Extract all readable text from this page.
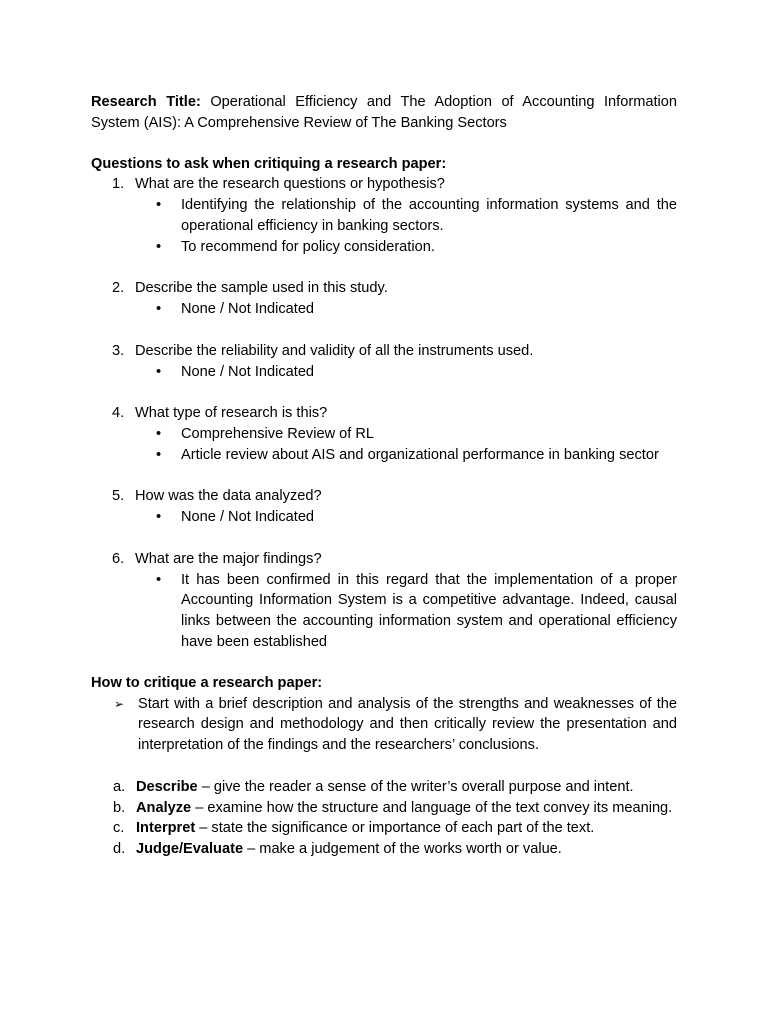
Research Title: Operational Efficiency and The Adoption of Accounting Information System (AIS): A Comprehensive Review of The Banking Sectors

Questions to ask when critiquing a research paper:

1. What are the research questions or hypothesis?
• Identifying the relationship of the accounting information systems and the operational efficiency in banking sectors.
• To recommend for policy consideration.
2. Describe the sample used in this study.
• None / Not Indicated
3. Describe the reliability and validity of all the instruments used.
• None / Not Indicated
4. What type of research is this?
• Comprehensive Review of RL
• Article review about AIS and organizational performance in banking sector
5. How was the data analyzed?
• None / Not Indicated
6. What are the major findings?
• It has been confirmed in this regard that the implementation of a proper Accounting Information System is a competitive advantage. Indeed, causal links between the accounting information system and operational efficiency have been established

How to critique a research paper:

➢ Start with a brief description and analysis of the strengths and weaknesses of the research design and methodology and then critically review the presentation and interpretation of the findings and the researchers’ conclusions.
a. Describe – give the reader a sense of the writer’s overall purpose and intent.
b. Analyze – examine how the structure and language of the text convey its meaning.
c. Interpret – state the significance or importance of each part of the text.
d. Judge/Evaluate – make a judgement of the works worth or value.
